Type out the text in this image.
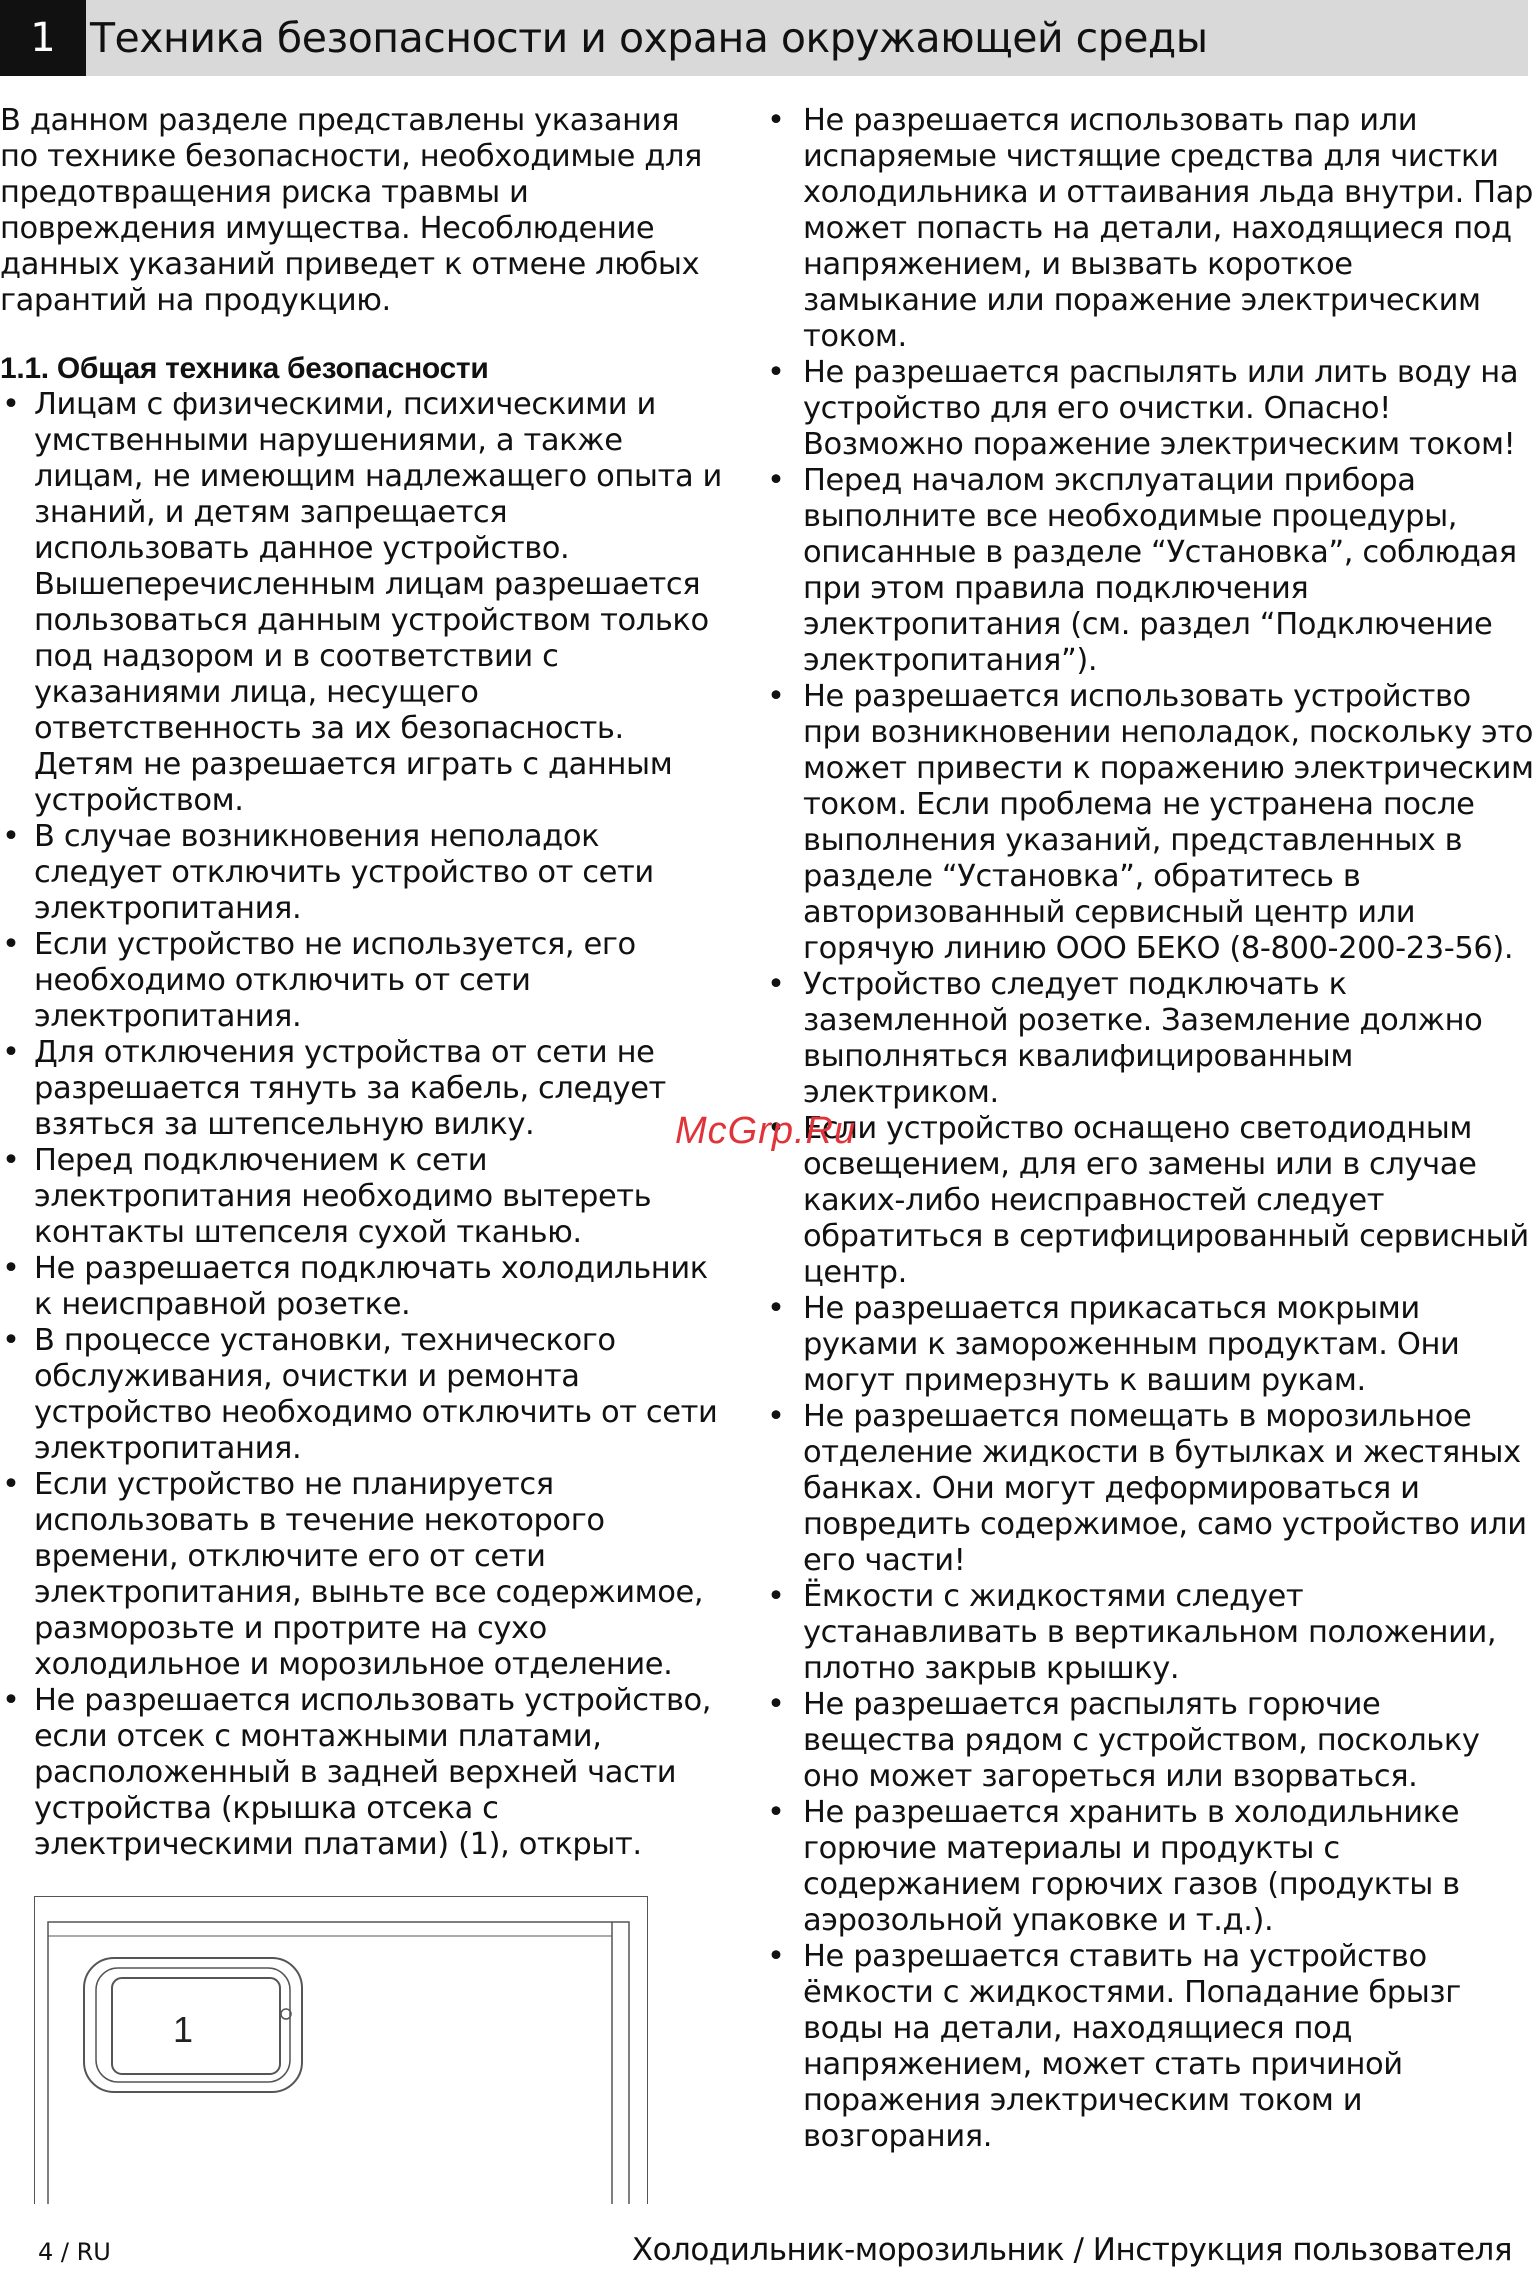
1 Техника безопасности и охрана окружающей среды

В данном разделе представлены указания по технике безопасности, необходимые для предотвращения риска травмы и повреждения имущества. Несоблюдение данных указаний приведет к отмене любых гарантий на продукцию.

1.1. Общая техника безопасности
• Лицам с физическими, психическими и умственными нарушениями, а также лицам, не имеющим надлежащего опыта и знаний, и детям запрещается использовать данное устройство. Вышеперечисленным лицам разрешается пользоваться данным устройством только под надзором и в соответствии с указаниями лица, несущего ответственность за их безопасность. Детям не разрешается играть с данным устройством.
• В случае возникновения неполадок следует отключить устройство от сети электропитания.
• Если устройство не используется, его необходимо отключить от сети электропитания.
• Для отключения устройства от сети не разрешается тянуть за кабель, следует взяться за штепсельную вилку.
• Перед подключением к сети электропитания необходимо вытереть контакты штепселя сухой тканью.
• Не разрешается подключать холодильник к неисправной розетке.
• В процессе установки, технического обслуживания, очистки и ремонта устройство необходимо отключить от сети электропитания.
• Если устройство не планируется использовать в течение некоторого времени, отключите его от сети электропитания, выньте все содержимое, разморозьте и протрите на сухо холодильное и морозильное отделение.
• Не разрешается использовать устройство, если отсек с монтажными платами, расположенный в задней верхней части устройства (крышка отсека с электрическими платами) (1), открыт.
• Не разрешается использовать пар или испаряемые чистящие средства для чистки холодильника и оттаивания льда внутри. Пар может попасть на детали, находящиеся под напряжением, и вызвать короткое замыкание или поражение электрическим током.
• Не разрешается распылять или лить воду на устройство для его очистки. Опасно! Возможно поражение электрическим током!
• Перед началом эксплуатации прибора выполните все необходимые процедуры, описанные в разделе “Установка”, соблюдая при этом правила подключения электропитания (см. раздел “Подключение электропитания”).
• Не разрешается использовать устройство при возникновении неполадок, поскольку это может привести к поражению электрическим током. Если проблема не устранена после выполнения указаний, представленных в разделе “Установка”, обратитесь в авторизованный сервисный центр или горячую линию ООО БЕКО (8-800-200-23-56).
• Устройство следует подключать к заземленной розетке. Заземление должно выполняться квалифицированным электриком.
• Если устройство оснащено светодиодным освещением, для его замены или в случае каких-либо неисправностей следует обратиться в сертифицированный сервисный центр.
• Не разрешается прикасаться мокрыми руками к замороженным продуктам. Они могут примерзнуть к вашим рукам.
• Не разрешается помещать в морозильное отделение жидкости в бутылках и жестяных банках. Они могут деформироваться и повредить содержимое, само устройство или его части!
• Ёмкости с жидкостями следует устанавливать в вертикальном положении, плотно закрыв крышку.
• Не разрешается распылять горючие вещества рядом с устройством, поскольку оно может загореться или взорваться.
• Не разрешается хранить в холодильнике горючие материалы и продукты с содержанием горючих газов (продукты в аэрозольной упаковке и т.д.).
• Не разрешается ставить на устройство ёмкости с жидкостями. Попадание брызг воды на детали, находящиеся под напряжением, может стать причиной поражения электрическим током и возгорания.
1
McGrp.Ru
4 / RU	Холодильник-морозильник / Инструкция пользователя
